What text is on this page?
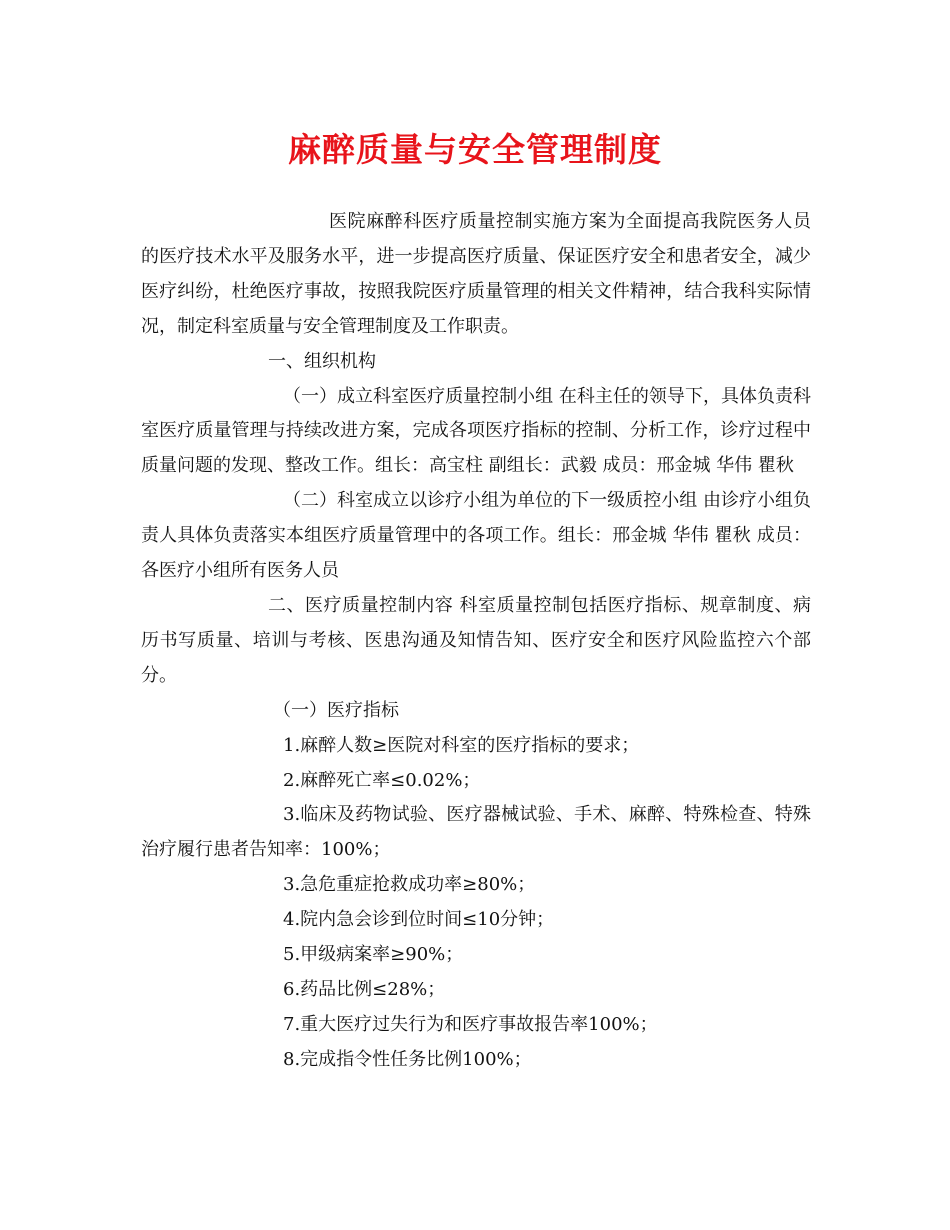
麻醉质量与安全管理制度

医院麻醉科医疗质量控制实施方案为全面提高我院医务人员的医疗技术水平及服务水平，进一步提高医疗质量、保证医疗安全和患者安全，减少医疗纠纷，杜绝医疗事故，按照我院医疗质量管理的相关文件精神，结合我科实际情况，制定科室质量与安全管理制度及工作职责。

一、组织机构

（一）成立科室医疗质量控制小组 在科主任的领导下，具体负责科室医疗质量管理与持续改进方案，完成各项医疗指标的控制、分析工作，诊疗过程中质量问题的发现、整改工作。组长：高宝柱 副组长：武毅 成员：邢金城 华伟 瞿秋

（二）科室成立以诊疗小组为单位的下一级质控小组 由诊疗小组负责人具体负责落实本组医疗质量管理中的各项工作。组长：邢金城 华伟 瞿秋 成员：各医疗小组所有医务人员

二、医疗质量控制内容 科室质量控制包括医疗指标、规章制度、病历书写质量、培训与考核、医患沟通及知情告知、医疗安全和医疗风险监控六个部分。

（一）医疗指标

1.麻醉人数≥医院对科室的医疗指标的要求；

2.麻醉死亡率≤0.02%；

3.临床及药物试验、医疗器械试验、手术、麻醉、特殊检查、特殊治疗履行患者告知率：100%；

3.急危重症抢救成功率≥80%；

4.院内急会诊到位时间≤10分钟；

5.甲级病案率≥90%；

6.药品比例≤28%；

7.重大医疗过失行为和医疗事故报告率100%；

8.完成指令性任务比例100%；
